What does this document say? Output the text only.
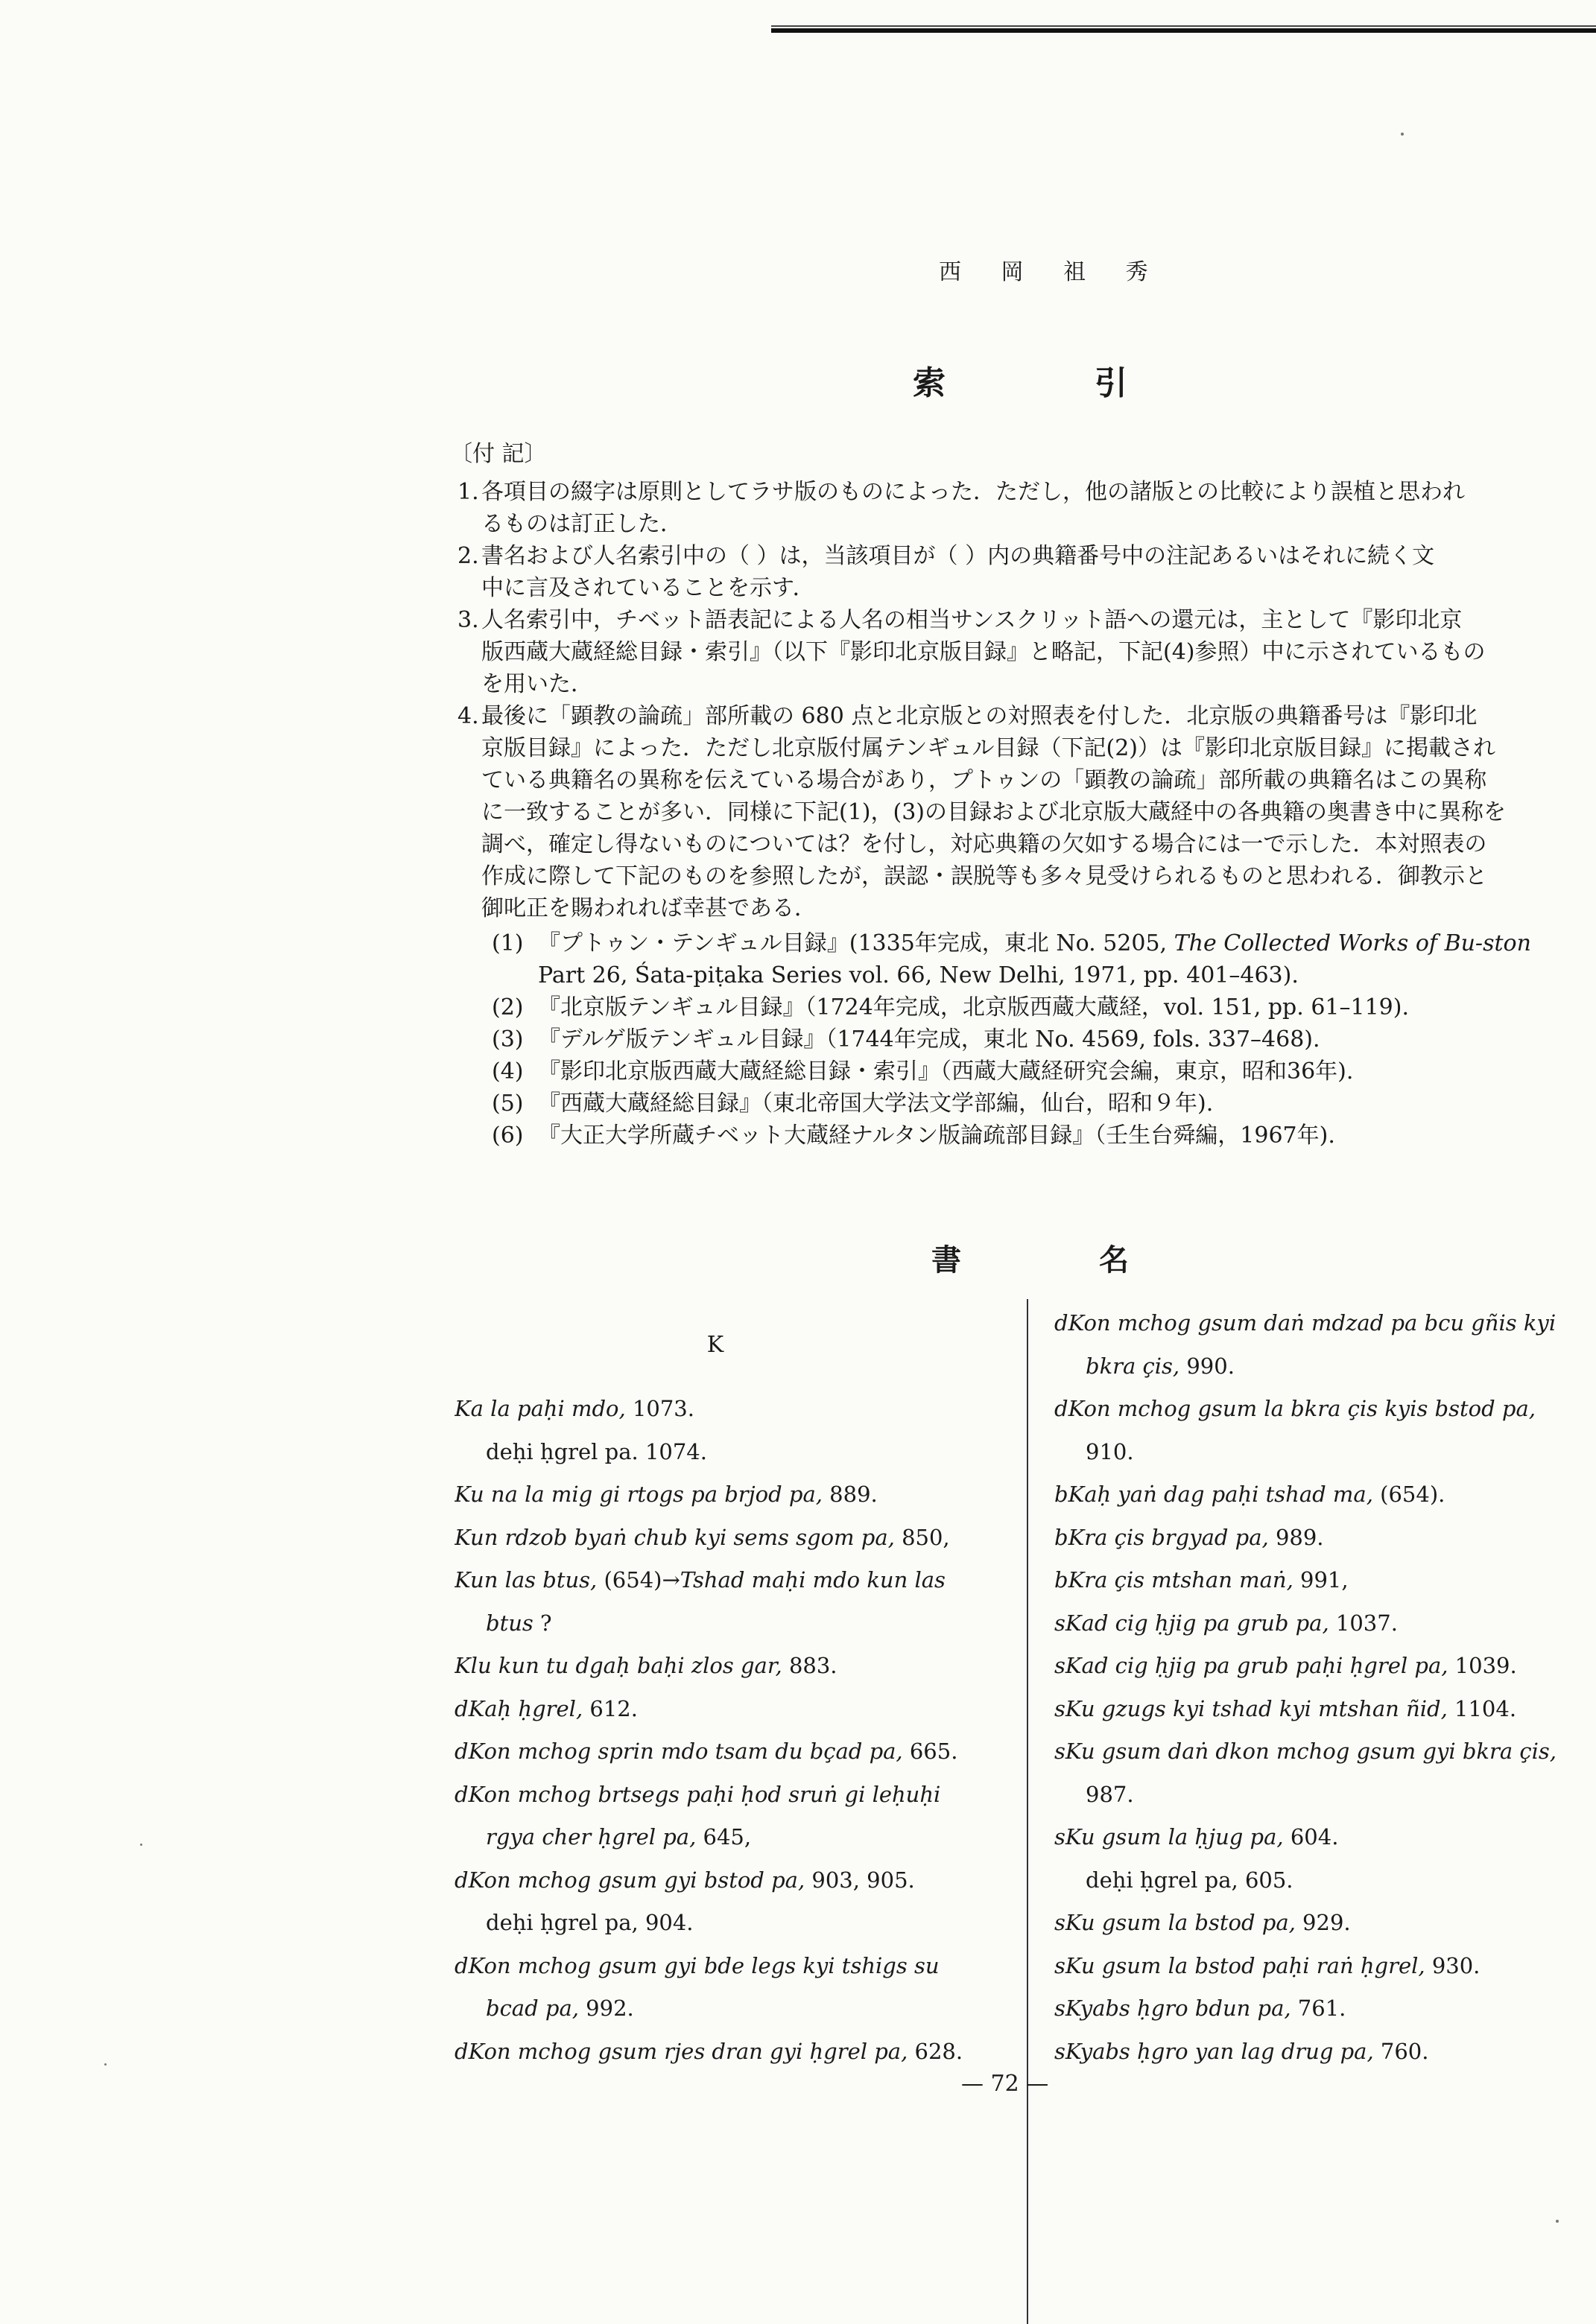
西 岡 祖 秀
索	引
〔付 記〕
1. 各項目の綴字は原則としてラサ版のものによった．ただし，他の諸版との比較により誤植と思われ
るものは訂正した．
2. 書名および人名索引中の（ ）は，当該項目が（ ）内の典籍番号中の注記あるいはそれに続く文
中に言及されていることを示す．
3. 人名索引中，チベット語表記による人名の相当サンスクリット語への還元は，主として『影印北京
版西蔵大蔵経総目録・索引』（以下『影印北京版目録』と略記，下記(4)参照）中に示されているもの
を用いた．
4. 最後に「顕教の論疏」部所載の 680 点と北京版との対照表を付した．北京版の典籍番号は『影印北
京版目録』によった．ただし北京版付属テンギュル目録（下記(2)）は『影印北京版目録』に掲載され
ている典籍名の異称を伝えている場合があり，プトゥンの「顕教の論疏」部所載の典籍名はこの異称
に一致することが多い．同様に下記(1)，(3)の目録および北京版大蔵経中の各典籍の奥書き中に異称を
調べ，確定し得ないものについては？を付し，対応典籍の欠如する場合には一で示した．本対照表の
作成に際して下記のものを参照したが，誤認・誤脱等も多々見受けられるものと思われる．御教示と
御叱正を賜われれば幸甚である．
(1) 『プトゥン・テンギュル目録』(1335年完成，東北 No. 5205, The Collected Works of Bu-ston
Part 26, Śata-piṭaka Series vol. 66, New Delhi, 1971, pp. 401–463).
(2) 『北京版テンギュル目録』（1724年完成，北京版西蔵大蔵経，vol. 151, pp. 61–119).
(3) 『デルゲ版テンギュル目録』（1744年完成，東北 No. 4569, fols. 337–468).
(4) 『影印北京版西蔵大蔵経総目録・索引』（西蔵大蔵経研究会編，東京，昭和36年).
(5) 『西蔵大蔵経総目録』（東北帝国大学法文学部編，仙台，昭和９年).
(6) 『大正大学所蔵チベット大蔵経ナルタン版論疏部目録』（壬生台舜編，1967年).
書	名
K
Ka la paḥi mdo, 1073.
deḥi ḥgrel pa. 1074.
Ku na la mig gi rtogs pa brjod pa, 889.
Kun rdzob byaṅ chub kyi sems sgom pa, 850,
Kun las btus, (654)→Tshad maḥi mdo kun las
btus ?
Klu kun tu dgaḥ baḥi zlos gar, 883.
dKaḥ ḥgrel, 612.
dKon mchog sprin mdo tsam du bçad pa, 665.
dKon mchog brtsegs paḥi ḥod sruṅ gi leḥuḥi
rgya cher ḥgrel pa, 645,
dKon mchog gsum gyi bstod pa, 903, 905.
deḥi ḥgrel pa, 904.
dKon mchog gsum gyi bde legs kyi tshigs su
bcad pa, 992.
dKon mchog gsum rjes dran gyi ḥgrel pa, 628.
dKon mchog gsum daṅ mdzad pa bcu gñis kyi
bkra çis, 990.
dKon mchog gsum la bkra çis kyis bstod pa,
910.
bKaḥ yaṅ dag paḥi tshad ma, (654).
bKra çis brgyad pa, 989.
bKra çis mtshan maṅ, 991,
sKad cig ḥjig pa grub pa, 1037.
sKad cig ḥjig pa grub paḥi ḥgrel pa, 1039.
sKu gzugs kyi tshad kyi mtshan ñid, 1104.
sKu gsum daṅ dkon mchog gsum gyi bkra çis,
987.
sKu gsum la ḥjug pa, 604.
deḥi ḥgrel pa, 605.
sKu gsum la bstod pa, 929.
sKu gsum la bstod paḥi raṅ ḥgrel, 930.
sKyabs ḥgro bdun pa, 761.
sKyabs ḥgro yan lag drug pa, 760.
— 72 —
